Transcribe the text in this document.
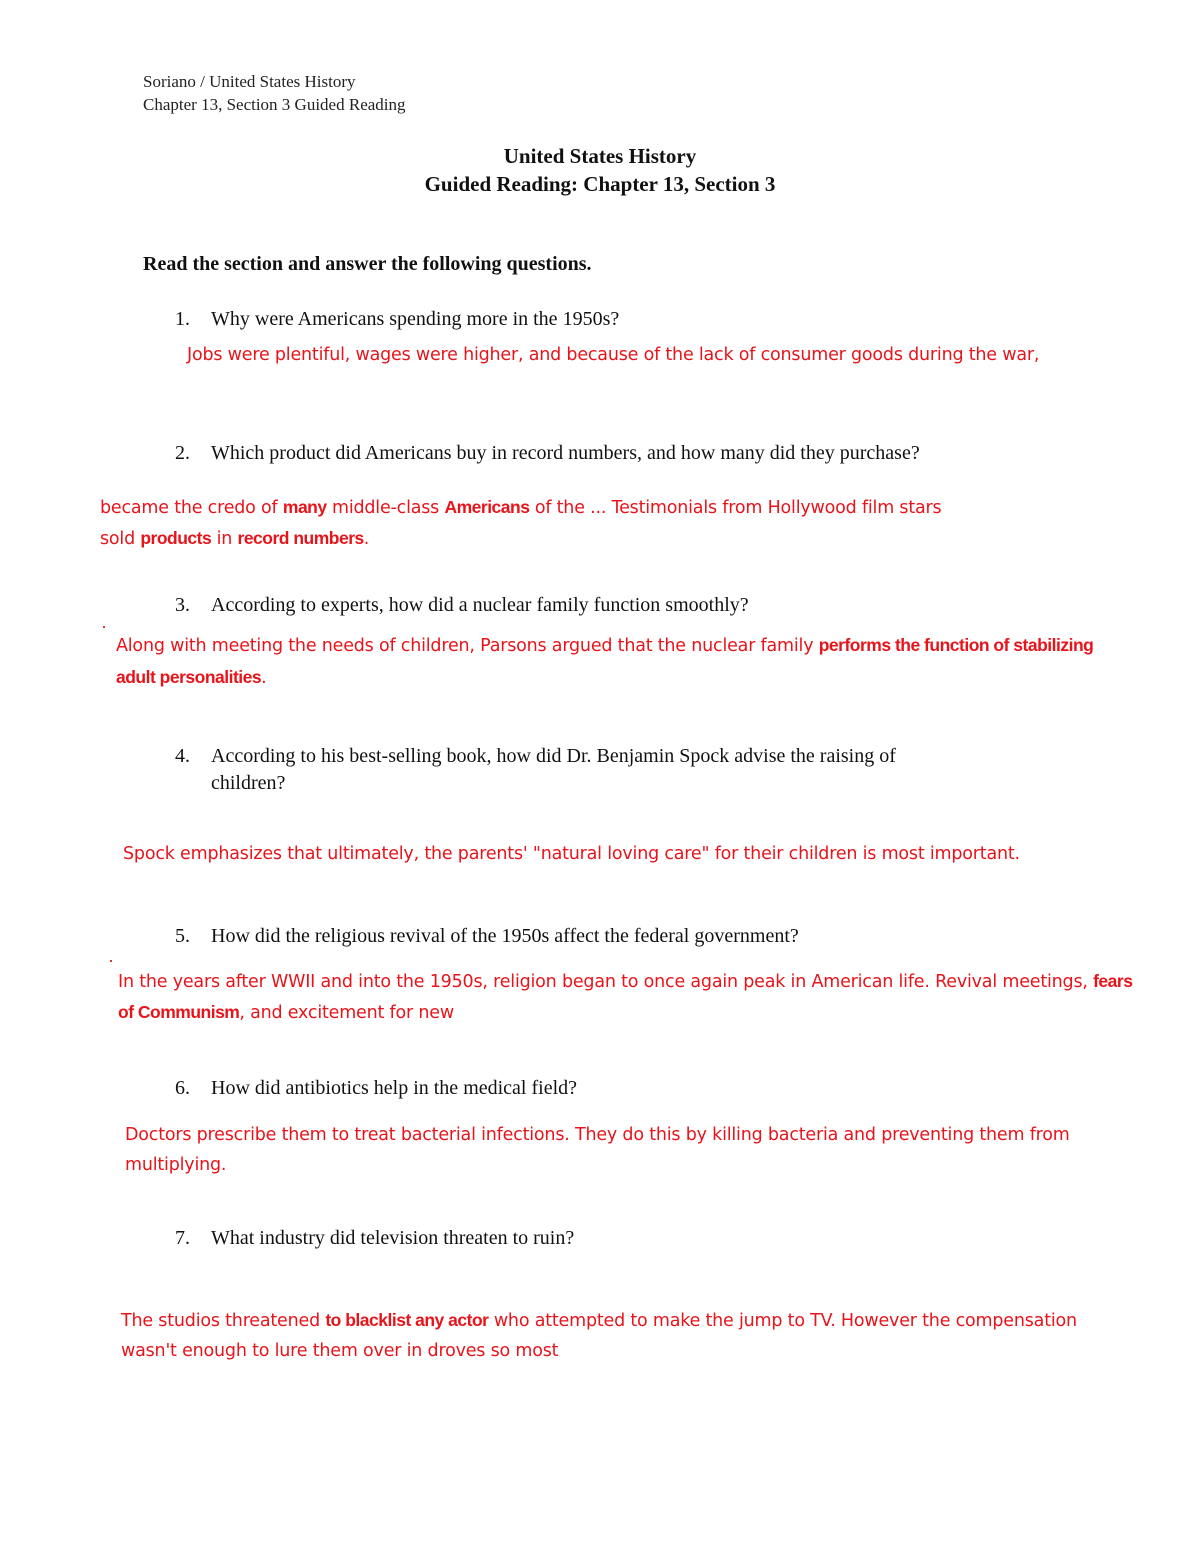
Soriano / United States History
Chapter 13, Section 3 Guided Reading
United States History
Guided Reading: Chapter 13, Section 3
Read the section and answer the following questions.
1. Why were Americans spending more in the 1950s?
Jobs were plentiful, wages were higher, and because of the lack of consumer goods during the war,
2. Which product did Americans buy in record numbers, and how many did they purchase?
became the credo of many middle-class Americans of the ... Testimonials from Hollywood film stars
sold products in record numbers.
3. According to experts, how did a nuclear family function smoothly?
Along with meeting the needs of children, Parsons argued that the nuclear family performs the function of stabilizing
adult personalities.
4. According to his best-selling book, how did Dr. Benjamin Spock advise the raising of
children?
Spock emphasizes that ultimately, the parents' "natural loving care" for their children is most important.
5. How did the religious revival of the 1950s affect the federal government?
In the years after WWII and into the 1950s, religion began to once again peak in American life. Revival meetings, fears
of Communism, and excitement for new
6. How did antibiotics help in the medical field?
Doctors prescribe them to treat bacterial infections. They do this by killing bacteria and preventing them from
multiplying.
7. What industry did television threaten to ruin?
The studios threatened to blacklist any actor who attempted to make the jump to TV. However the compensation
wasn't enough to lure them over in droves so most
